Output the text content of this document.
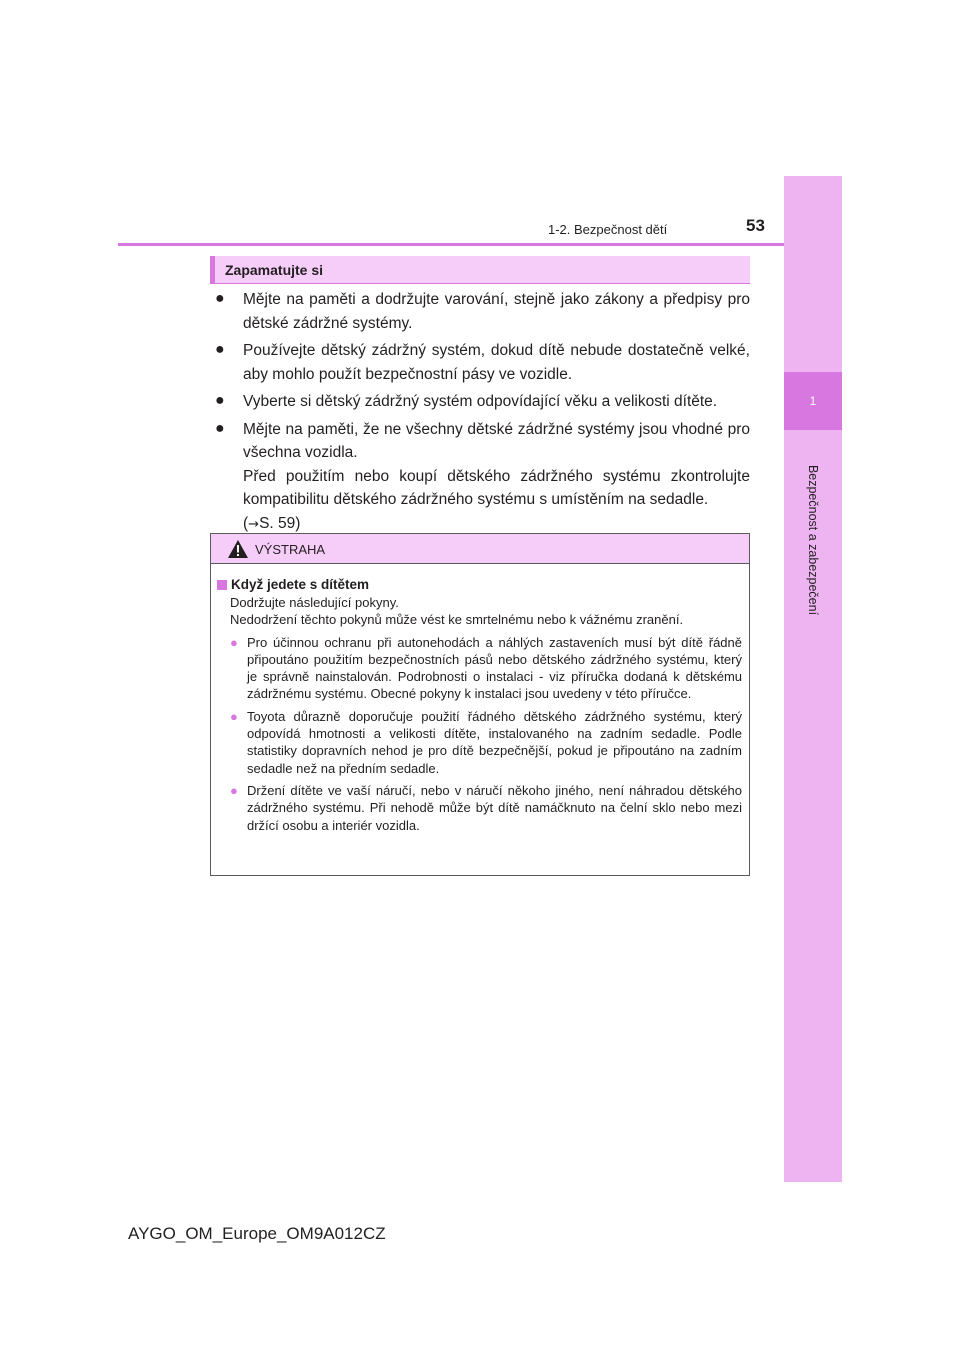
1
Bezpečnost a zabezpečení
1-2. Bezpečnost dětí	53
Zapamatujte si
● Mějte na paměti a dodržujte varování, stejně jako zákony a předpisy pro dětské zádržné systémy.
● Používejte dětský zádržný systém, dokud dítě nebude dostatečně velké, aby mohlo použít bezpečnostní pásy ve vozidle.
● Vyberte si dětský zádržný systém odpovídající věku a velikosti dítěte.
● Mějte na paměti, že ne všechny dětské zádržné systémy jsou vhodné pro všechna vozidla.
Před použitím nebo koupí dětského zádržného systému zkontrolujte kompatibilitu dětského zádržného systému s umístěním na sedadle.
(→S. 59)
VÝSTRAHA
Když jedete s dítětem
Dodržujte následující pokyny.
Nedodržení těchto pokynů může vést ke smrtelnému nebo k vážnému zranění.
● Pro účinnou ochranu při autonehodách a náhlých zastaveních musí být dítě řádně připoutáno použitím bezpečnostních pásů nebo dětského zádržného systému, který je správně nainstalován. Podrobnosti o instalaci - viz příručka dodaná k dětskému zádržnému systému. Obecné pokyny k instalaci jsou uvedeny v této příručce.
● Toyota důrazně doporučuje použití řádného dětského zádržného systému, který odpovídá hmotnosti a velikosti dítěte, instalovaného na zadním sedadle. Podle statistiky dopravních nehod je pro dítě bezpečnější, pokud je připoutáno na zadním sedadle než na předním sedadle.
● Držení dítěte ve vaší náručí, nebo v náručí někoho jiného, není náhradou dětského zádržného systému. Při nehodě může být dítě namáčknuto na čelní sklo nebo mezi držící osobu a interiér vozidla.
AYGO_OM_Europe_OM9A012CZ
